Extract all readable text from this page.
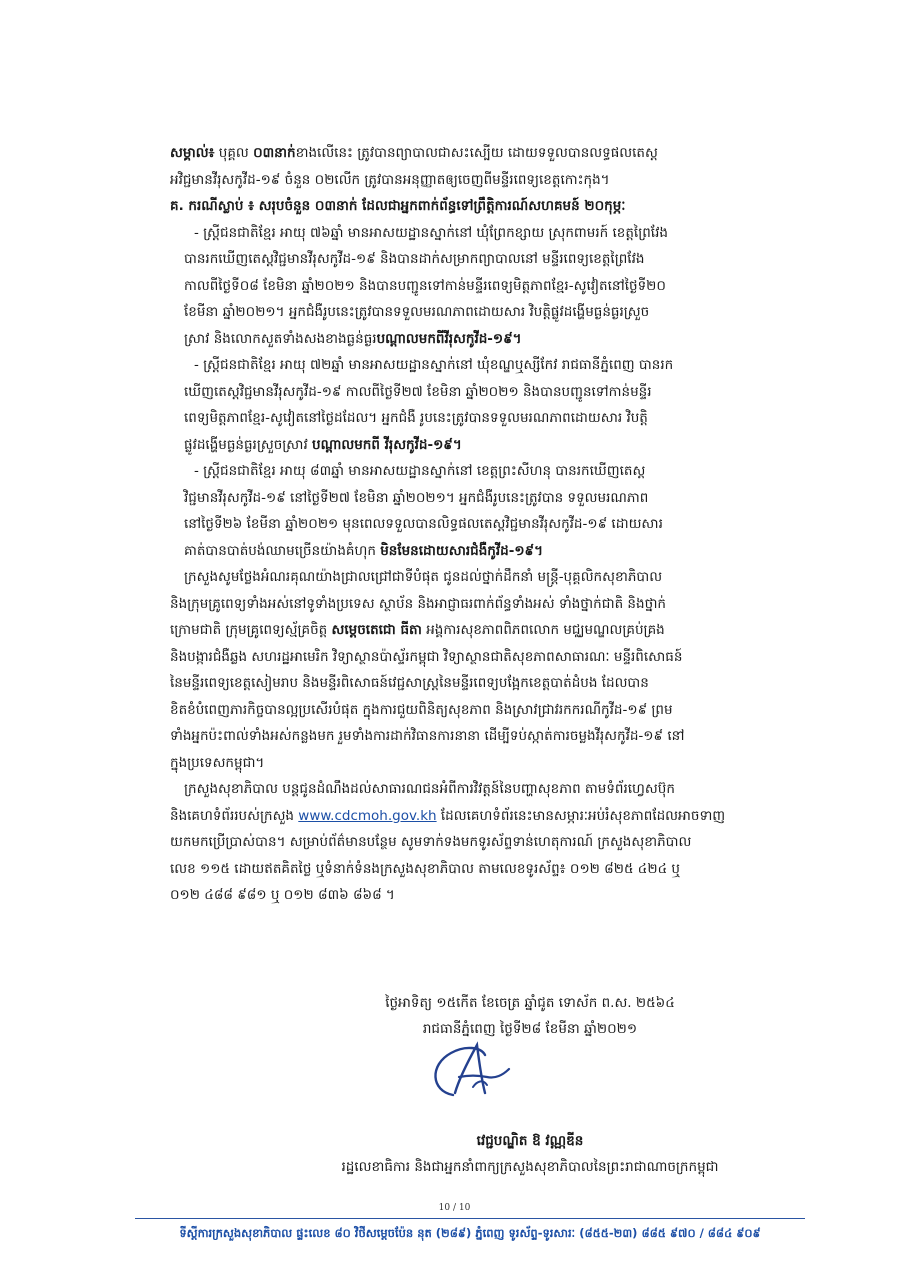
សម្គាល់៖ បុគ្គល ០៣នាក់ខាងលើនេះ ត្រូវបានព្យាបាលជាសះស្បើយ ដោយទទួលបានលទ្ធផលតេស្ត
អវិជ្ជមានវីរុសកូវីដ-១៩ ចំនួន ០២លើក ត្រូវបានអនុញ្ញាតឲ្យចេញពីមន្ទីរពេទ្យខេត្តកោះកុង។
គ. ករណីស្លាប់ ៖ សរុបចំនួន ០៣នាក់ ដែលជាអ្នកពាក់ព័ន្ធទៅព្រឹត្តិការណ៍សហគមន៍ ២០កុម្ភៈ
- ស្ត្រីជនជាតិខ្មែរ អាយុ ៧៦ឆ្នាំ មានអាសយដ្ឋានស្នាក់នៅ ឃុំព្រែកខ្សាយ ស្រុកពាមរក៍ ខេត្តព្រៃវែង
បានរកឃើញតេស្តវិជ្ជមានវីរុសកូវីដ-១៩ និងបានដាក់សម្រាកព្យាបាលនៅ មន្ទីរពេទ្យខេត្តព្រៃវែង
កាលពីថ្ងៃទី០៨ ខែមិនា ឆ្នាំ២០២១ និងបានបញ្ជូនទៅកាន់មន្ទីរពេទ្យមិត្តភាពខ្មែរ-សូវៀតនៅថ្ងៃទី២០
ខែមីនា ឆ្នាំ២០២១។ អ្នកជំងឺរូបនេះត្រូវបានទទួលមរណភាពដោយសារ វិបត្តិផ្លូវដង្ហើមធ្ងន់ធ្ងរស្រួច
ស្រាវ និងលោកសួតទាំងសងខាងធ្ងន់ធ្ងរបណ្តាលមកពីវីរុសកូវីដ-១៩។
- ស្ត្រីជនជាតិខ្មែរ អាយុ ៧២ឆ្នាំ មានអាសយដ្ឋានស្នាក់នៅ ឃុំខណ្ឌឬស្សីកែវ រាជធានីភ្នំពេញ បានរក
ឃើញតេស្តវិជ្ជមានវីរុសកូវីដ-១៩ កាលពីថ្ងៃទី២៧ ខែមិនា ឆ្នាំ២០២១ និងបានបញ្ជូនទៅកាន់មន្ទីរ
ពេទ្យមិត្តភាពខ្មែរ-សូវៀតនៅថ្ងៃដដែល។ អ្នកជំងឺ រូបនេះត្រូវបានទទួលមរណភាពដោយសារ វិបត្តិ
ផ្លូវដង្ហើមធ្ងន់ធ្ងរស្រួចស្រាវ បណ្តាលមកពី វីរុសកូវីដ-១៩។
- ស្ត្រីជនជាតិខ្មែរ អាយុ ៨៣ឆ្នាំ មានអាសយដ្ឋានស្នាក់នៅ ខេត្តព្រះសីហនុ បានរកឃើញតេស្ត
វិជ្ជមានវីរុសកូវីដ-១៩ នៅថ្ងៃទី២៧ ខែមិនា ឆ្នាំ២០២១។ អ្នកជំងឺរូបនេះត្រូវបាន ទទួលមរណភាព
នៅថ្ងៃទី២៦ ខែមីនា ឆ្នាំ២០២១ មុនពេលទទួលបានលិទ្ធផលតេស្តវិជ្ជមានវីរុសកូវីដ-១៩ ដោយសារ
គាត់បានបាត់បង់ឈាមច្រើនយ៉ាងគំហុក មិនមែនដោយសារជំងឺកូវីដ-១៩។
ក្រសួងសូមថ្លែងអំណរគុណយ៉ាងជ្រាលជ្រៅជាទីបំផុត ជូនដល់ថ្នាក់ដឹកនាំ មន្ត្រី-បុគ្គលិកសុខាភិបាល
និងក្រុមគ្រូពេទ្យទាំងអស់នៅទូទាំងប្រទេស ស្ថាប័ន និងអាជ្ញាធរពាក់ព័ន្ធទាំងអស់ ទាំងថ្នាក់ជាតិ និងថ្នាក់
ក្រោមជាតិ ក្រុមគ្រូពេទ្យស្ម័គ្រចិត្ត សម្តេចតេជោ ធីតា អង្គការសុខភាពពិភពលោក មជ្ឈមណ្ឌលគ្រប់គ្រង
និងបង្ការជំងឺឆ្លង សហរដ្ឋអាមេរិក វិទ្យាស្ថានប៉ាស្ទ័រកម្ពុជា វិទ្យាស្ថានជាតិសុខភាពសាធារណៈ មន្ទីរពិសោធន៍
នៃមន្ទីរពេទ្យខេត្តសៀមរាប និងមន្ទីរពិសោធន៍វេជ្ជសាស្ត្រនៃមន្ទីរពេទ្យបង្អែកខេត្តបាត់ដំបង ដែលបាន
ខិតខំបំពេញភារកិច្ចបានល្អប្រសើរបំផុត ក្នុងការជួយពិនិត្យសុខភាព និងស្រាវជ្រាវរកករណីកូវីដ-១៩ ព្រម
ទាំងអ្នកប៉ះពាល់ទាំងអស់កន្លងមក រួមទាំងការដាក់វិធានការនានា ដើម្បីទប់ស្កាត់ការចម្លងវីរុសកូវីដ-១៩ នៅ
ក្នុងប្រទេសកម្ពុជា។
ក្រសួងសុខាភិបាល បន្តជូនដំណឹងដល់សាធារណជនអំពីការវិវត្តន៍នៃបញ្ហាសុខភាព តាមទំព័រហ្វេសប៊ុក
និងគេហទំព័ររបស់ក្រសួង www.cdcmoh.gov.kh ដែលគេហទំព័រនេះមានសម្ភារៈអប់រំសុខភាពដែលអាចទាញ
យកមកប្រើប្រាស់បាន។ សម្រាប់ព័ត៌មានបន្ថែម សូមទាក់ទងមកទូរស័ព្ទទាន់ហេតុការណ៍ ក្រសួងសុខាភិបាល
លេខ ១១៥ ដោយឥតគិតថ្លៃ ឬទំនាក់ទំនងក្រសួងសុខាភិបាល តាមលេខទូរស័ព្ទ៖ ០១២ ៨២៥ ៤២៤ ឬ
០១២ ៤៨៨ ៩៨១ ឬ ០១២ ៨៣៦ ៨៦៨ ។
ថ្ងៃអាទិត្យ ១៥កើត ខែចេត្រ ឆ្នាំជូត ទោស័ក ព.ស. ២៥៦៤
រាជធានីភ្នំពេញ ថ្ងៃទី២៨ ខែមីនា ឆ្នាំ២០២១
វេជ្ជបណ្ឌិត ឱ វណ្ណឌីន
រដ្ឋលេខាធិការ និងជាអ្នកនាំពាក្យក្រសួងសុខាភិបាលនៃព្រះរាជាណាចក្រកម្ពុជា
10 / 10
ទីស្តីការក្រសួងសុខាភិបាល ផ្ទះលេខ ៨០ វិថីសម្តេចប៉ែន នុត (២៨៩) ភ្នំពេញ ទូរស័ព្ទ-ទូរសារៈ (៨៥៥-២៣) ៨៨៥ ៩៧០ / ៨៨៤ ៩០៩
